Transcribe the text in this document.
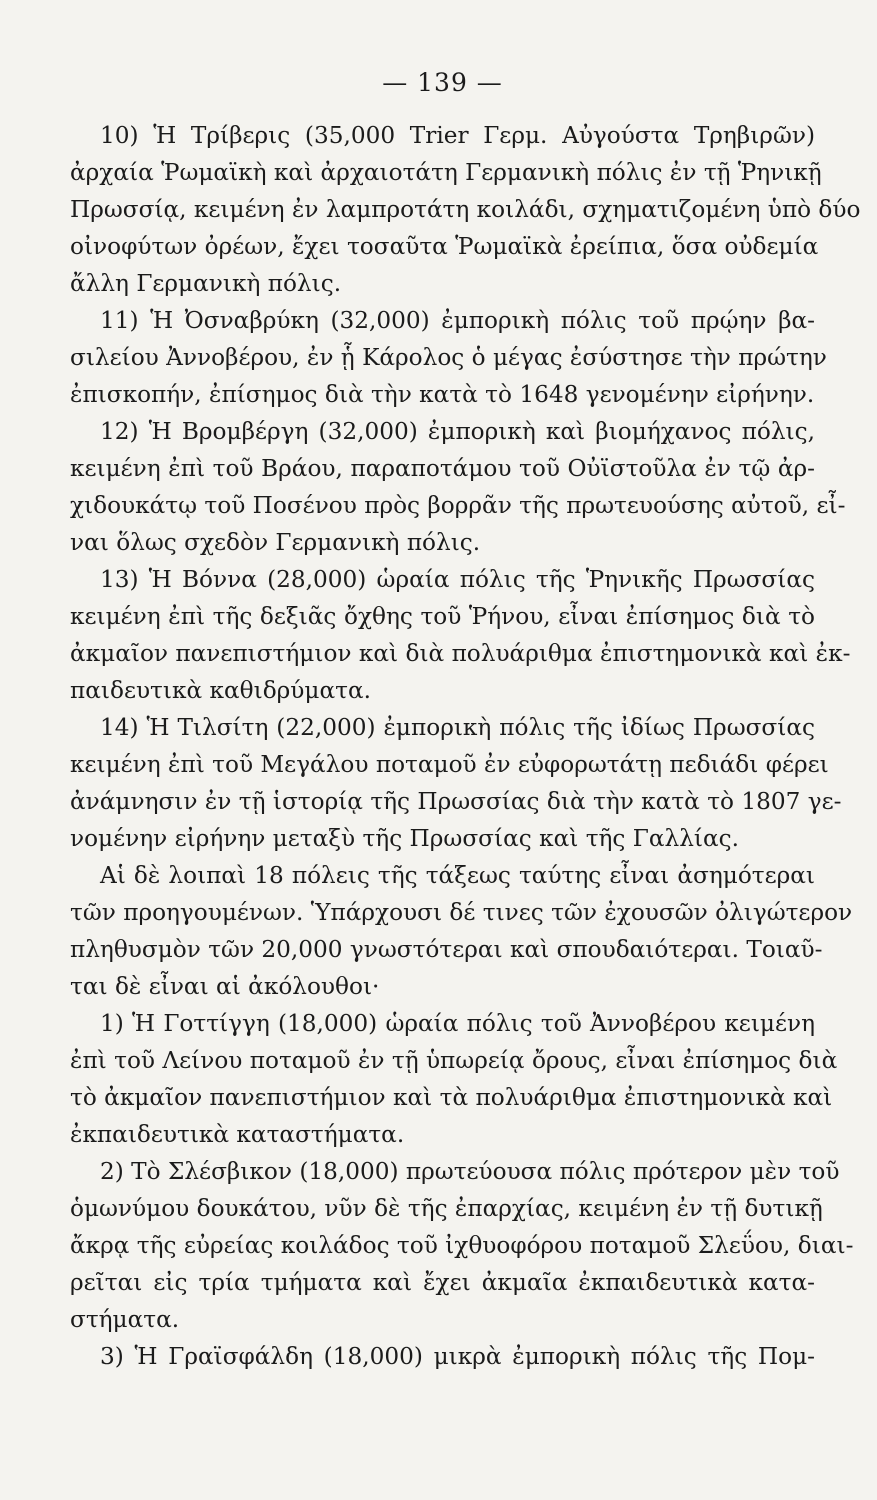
— 139 —
10) Ἡ Τρίβερις (35,000 Trier Γερμ. Αὐγούστα Τρηβιρῶν)
ἀρχαία Ῥωμαϊκὴ καὶ ἀρχαιοτάτη Γερμανικὴ πόλις ἐν τῇ Ῥηνικῇ
Πρωσσίᾳ, κειμένη ἐν λαμπροτάτη κοιλάδι, σχηματιζομένη ὑπὸ δύο
οἰνοφύτων ὀρέων, ἔχει τοσαῦτα Ῥωμαϊκὰ ἐρείπια, ὅσα οὐδεμία
ἄλλη Γερμανικὴ πόλις.
11) Ἡ Ὀσναβρύκη (32,000) ἐμπορικὴ πόλις τοῦ πρῴην βα-
σιλείου Ἀννοβέρου, ἐν ᾗ Κάρολος ὁ μέγας ἐσύστησε τὴν πρώτην
ἐπισκοπήν, ἐπίσημος διὰ τὴν κατὰ τὸ 1648 γενομένην εἰρήνην.
12) Ἡ Βρομβέργη (32,000) ἐμπορικὴ καὶ βιομήχανος πόλις,
κειμένη ἐπὶ τοῦ Βράου, παραποτάμου τοῦ Οὐϊστοῦλα ἐν τῷ ἀρ-
χιδουκάτῳ τοῦ Ποσένου πρὸς βορρᾶν τῆς πρωτευούσης αὐτοῦ, εἶ-
ναι ὅλως σχεδὸν Γερμανικὴ πόλις.
13) Ἡ Βόννα (28,000) ὡραία πόλις τῆς Ῥηνικῆς Πρωσσίας
κειμένη ἐπὶ τῆς δεξιᾶς ὄχθης τοῦ Ῥήνου, εἶναι ἐπίσημος διὰ τὸ
ἀκμαῖον πανεπιστήμιον καὶ διὰ πολυάριθμα ἐπιστημονικὰ καὶ ἐκ-
παιδευτικὰ καθιδρύματα.
14) Ἡ Τιλσίτη (22,000) ἐμπορικὴ πόλις τῆς ἰδίως Πρωσσίας
κειμένη ἐπὶ τοῦ Μεγάλου ποταμοῦ ἐν εὐφορωτάτῃ πεδιάδι φέρει
ἀνάμνησιν ἐν τῇ ἱστορίᾳ τῆς Πρωσσίας διὰ τὴν κατὰ τὸ 1807 γε-
νομένην εἰρήνην μεταξὺ τῆς Πρωσσίας καὶ τῆς Γαλλίας.
Αἱ δὲ λοιπαὶ 18 πόλεις τῆς τάξεως ταύτης εἶναι ἀσημότεραι
τῶν προηγουμένων. Ὑπάρχουσι δέ τινες τῶν ἐχουσῶν ὀλιγώτερον
πληθυσμὸν τῶν 20,000 γνωστότεραι καὶ σπουδαιότεραι. Τοιαῦ-
ται δὲ εἶναι αἱ ἀκόλουθοι·
1) Ἡ Γοττίγγη (18,000) ὡραία πόλις τοῦ Ἀννοβέρου κειμένη
ἐπὶ τοῦ Λείνου ποταμοῦ ἐν τῇ ὑπωρείᾳ ὄρους, εἶναι ἐπίσημος διὰ
τὸ ἀκμαῖον πανεπιστήμιον καὶ τὰ πολυάριθμα ἐπιστημονικὰ καὶ
ἐκπαιδευτικὰ καταστήματα.
2) Τὸ Σλέσβικον (18,000) πρωτεύουσα πόλις πρότερον μὲν τοῦ
ὁμωνύμου δουκάτου, νῦν δὲ τῆς ἐπαρχίας, κειμένη ἐν τῇ δυτικῇ
ἄκρᾳ τῆς εὐρείας κοιλάδος τοῦ ἰχθυοφόρου ποταμοῦ Σλεΰου, διαι-
ρεῖται εἰς τρία τμήματα καὶ ἔχει ἀκμαῖα ἐκπαιδευτικὰ κατα-
στήματα.
3) Ἡ Γραϊσφάλδη (18,000) μικρὰ ἐμπορικὴ πόλις τῆς Πομ-
